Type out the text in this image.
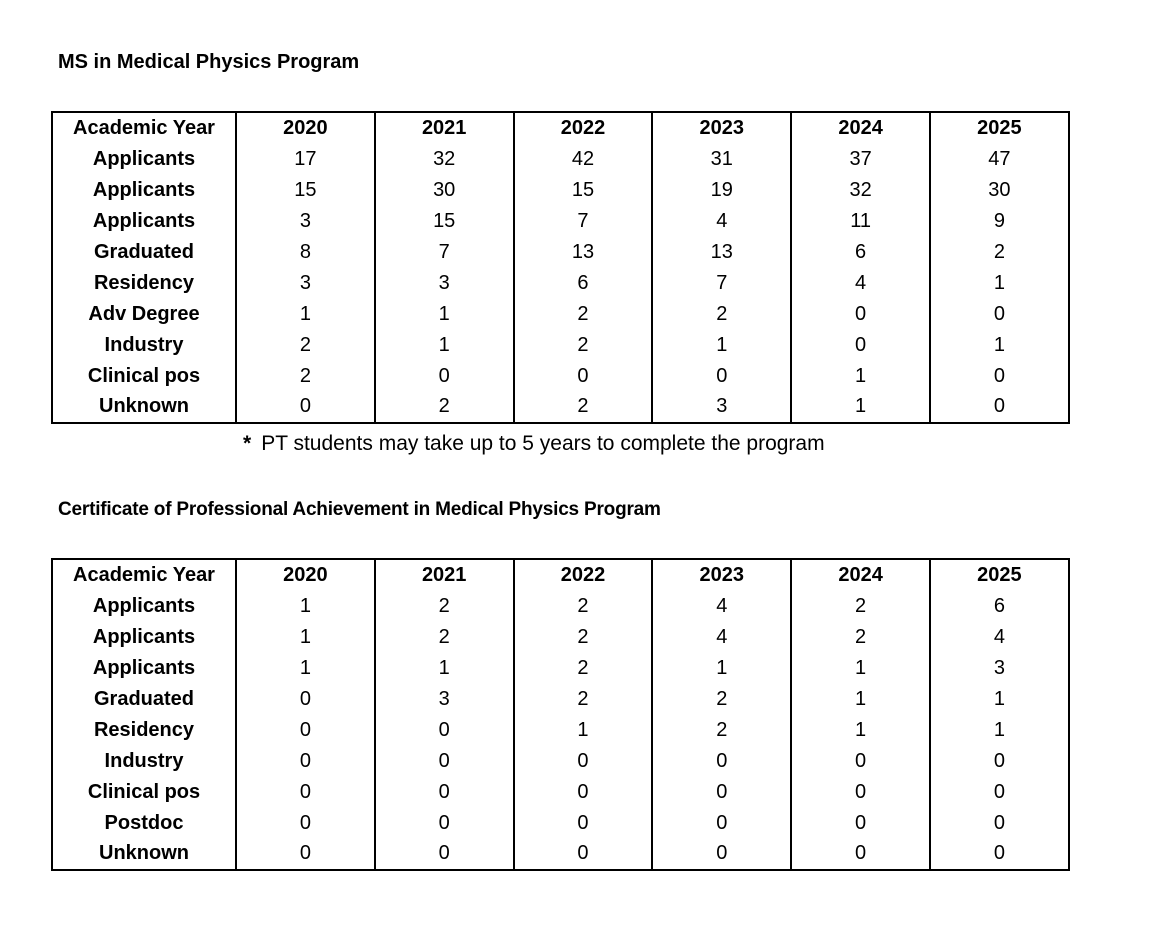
MS in Medical Physics Program
Academic Year	2020	2021	2022	2023	2024	2025
Applicants	17	32	42	31	37	47
Applicants	15	30	15	19	32	30
Applicants	3	15	7	4	11	9
Graduated	8	7	13	13	6	2
Residency	3	3	6	7	4	1
Adv Degree	1	1	2	2	0	0
Industry	2	1	2	1	0	1
Clinical pos	2	0	0	0	1	0
Unknown	0	2	2	3	1	0
* PT students may take up to 5 years to complete the program
Certificate of Professional Achievement in Medical Physics Program
Academic Year	2020	2021	2022	2023	2024	2025
Applicants	1	2	2	4	2	6
Applicants	1	2	2	4	2	4
Applicants	1	1	2	1	1	3
Graduated	0	3	2	2	1	1
Residency	0	0	1	2	1	1
Industry	0	0	0	0	0	0
Clinical pos	0	0	0	0	0	0
Postdoc	0	0	0	0	0	0
Unknown	0	0	0	0	0	0
